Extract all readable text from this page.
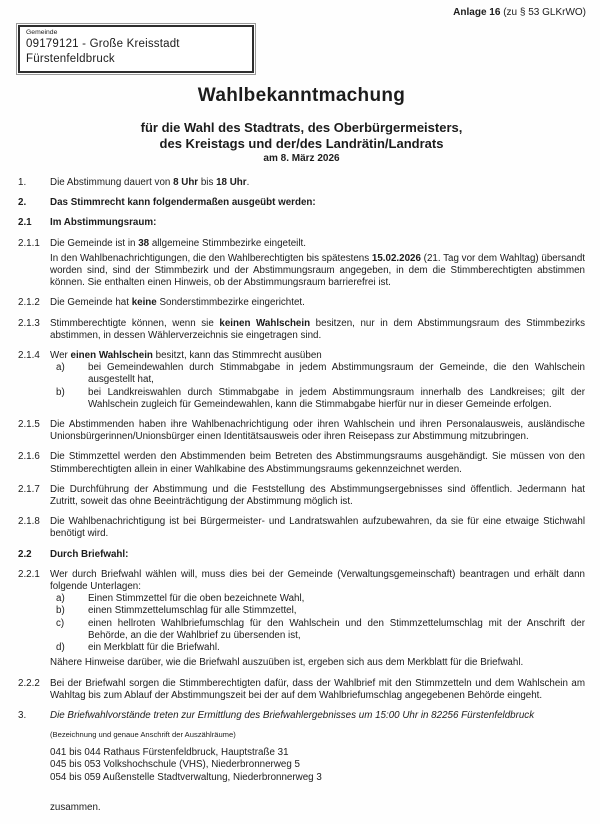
Anlage 16 (zu § 53 GLKrWO)
Gemeinde
09179121 - Große Kreisstadt
Fürstenfeldbruck
Wahlbekanntmachung
für die Wahl des Stadtrats, des Oberbürgermeisters,
des Kreistags und der/des Landrätin/Landrats
am 8. März 2026
1.	Die Abstimmung dauert von 8 Uhr bis 18 Uhr.
2.	Das Stimmrecht kann folgendermaßen ausgeübt werden:
2.1	Im Abstimmungsraum:
2.1.1	Die Gemeinde ist in 38 allgemeine Stimmbezirke eingeteilt.
In den Wahlbenachrichtigungen, die den Wahlberechtigten bis spätestens 15.02.2026 (21. Tag vor dem Wahltag) übersandt worden sind, sind der Stimmbezirk und der Abstimmungsraum angegeben, in dem die Stimmberechtigten abstimmen können. Sie enthalten einen Hinweis, ob der Abstimmungsraum barrierefrei ist.
2.1.2	Die Gemeinde hat keine Sonderstimmbezirke eingerichtet.
2.1.3	Stimmberechtigte können, wenn sie keinen Wahlschein besitzen, nur in dem Abstimmungsraum des Stimmbezirks abstimmen, in dessen Wählerverzeichnis sie eingetragen sind.
2.1.4	Wer einen Wahlschein besitzt, kann das Stimmrecht ausüben
a)	bei Gemeindewahlen durch Stimmabgabe in jedem Abstimmungsraum der Gemeinde, die den Wahlschein ausgestellt hat,
b)	bei Landkreiswahlen durch Stimmabgabe in jedem Abstimmungsraum innerhalb des Landkreises; gilt der Wahlschein zugleich für Gemeindewahlen, kann die Stimmabgabe hierfür nur in dieser Gemeinde erfolgen.
2.1.5	Die Abstimmenden haben ihre Wahlbenachrichtigung oder ihren Wahlschein und ihren Personalausweis, ausländische Unionsbürgerinnen/Unionsbürger einen Identitätsausweis oder ihren Reisepass zur Abstimmung mitzubringen.
2.1.6	Die Stimmzettel werden den Abstimmenden beim Betreten des Abstimmungsraums ausgehändigt. Sie müssen von den Stimmberechtigten allein in einer Wahlkabine des Abstimmungsraums gekennzeichnet werden.
2.1.7	Die Durchführung der Abstimmung und die Feststellung des Abstimmungsergebnisses sind öffentlich. Jedermann hat Zutritt, soweit das ohne Beeinträchtigung der Abstimmung möglich ist.
2.1.8	Die Wahlbenachrichtigung ist bei Bürgermeister- und Landratswahlen aufzubewahren, da sie für eine etwaige Stichwahl benötigt wird.
2.2	Durch Briefwahl:
2.2.1	Wer durch Briefwahl wählen will, muss dies bei der Gemeinde (Verwaltungsgemeinschaft) beantragen und erhält dann folgende Unterlagen:
a)	Einen Stimmzettel für die oben bezeichnete Wahl,
b)	einen Stimmzettelumschlag für alle Stimmzettel,
c)	einen hellroten Wahlbriefumschlag für den Wahlschein und den Stimmzettelumschlag mit der Anschrift der Behörde, an die der Wahlbrief zu übersenden ist,
d)	ein Merkblatt für die Briefwahl.
Nähere Hinweise darüber, wie die Briefwahl auszuüben ist, ergeben sich aus dem Merkblatt für die Briefwahl.
2.2.2	Bei der Briefwahl sorgen die Stimmberechtigten dafür, dass der Wahlbrief mit den Stimmzetteln und dem Wahlschein am Wahltag bis zum Ablauf der Abstimmungszeit bei der auf dem Wahlbriefumschlag angegebenen Behörde eingeht.
3.	Die Briefwahlvorstände treten zur Ermittlung des Briefwahlergebnisses um 15:00 Uhr in 82256 Fürstenfeldbruck
(Bezeichnung und genaue Anschrift der Auszählräume)
041 bis 044 Rathaus Fürstenfeldbruck, Hauptstraße 31
045 bis 053 Volkshochschule (VHS), Niederbronnerweg 5
054 bis 059 Außenstelle Stadtverwaltung, Niederbronnerweg 3
zusammen.
